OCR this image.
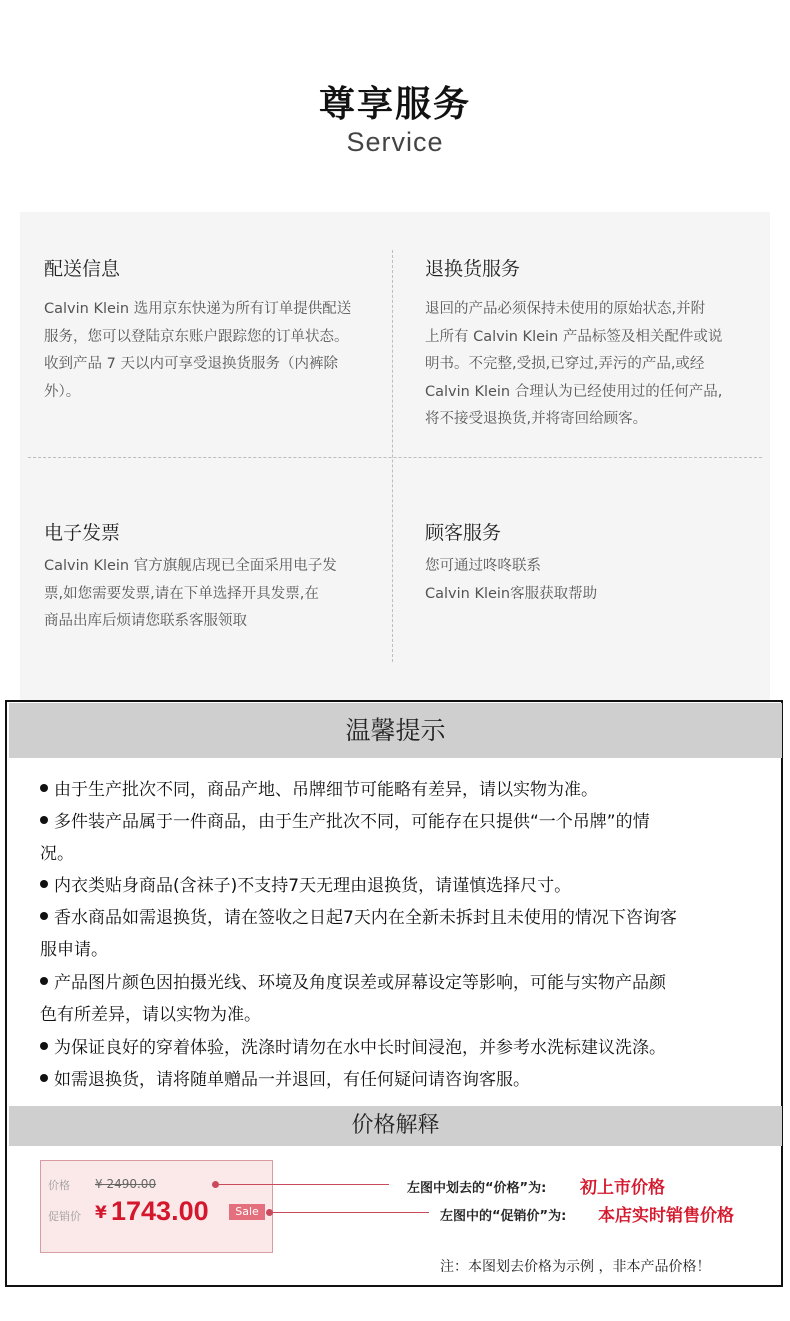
尊享服务
Service
配送信息
Calvin Klein 选用京东快递为所有订单提供配送
服务，您可以登陆京东账户跟踪您的订单状态。
收到产品 7 天以内可享受退换货服务（内裤除
外）。
退换货服务
退回的产品必须保持未使用的原始状态,并附
上所有 Calvin Klein 产品标签及相关配件或说
明书。不完整,受损,已穿过,弄污的产品,或经
Calvin Klein 合理认为已经使用过的任何产品,
将不接受退换货,并将寄回给顾客。
电子发票
Calvin Klein 官方旗舰店现已全面采用电子发
票,如您需要发票,请在下单选择开具发票,在
商品出库后烦请您联系客服领取
顾客服务
您可通过咚咚联系
Calvin Klein客服获取帮助
温馨提示
由于生产批次不同，商品产地、吊牌细节可能略有差异，请以实物为准。
多件装产品属于一件商品，由于生产批次不同，可能存在只提供“一个吊牌”的情
况。
内衣类贴身商品(含袜子)不支持7天无理由退换货，请谨慎选择尺寸。
香水商品如需退换货，请在签收之日起7天内在全新未拆封且未使用的情况下咨询客
服申请。
产品图片颜色因拍摄光线、环境及角度误差或屏幕设定等影响，可能与实物产品颜
色有所差异，请以实物为准。
为保证良好的穿着体验，洗涤时请勿在水中长时间浸泡，并参考水洗标建议洗涤。
如需退换货，请将随单赠品一并退回，有任何疑问请咨询客服。
价格解释
价格 ¥ 2490.00
促销价 ¥ 1743.00	Sale
左图中划去的“价格”为: 初上市价格
左图中的“促销价”为: 本店实时销售价格
注：本图划去价格为示例 ，非本产品价格！
